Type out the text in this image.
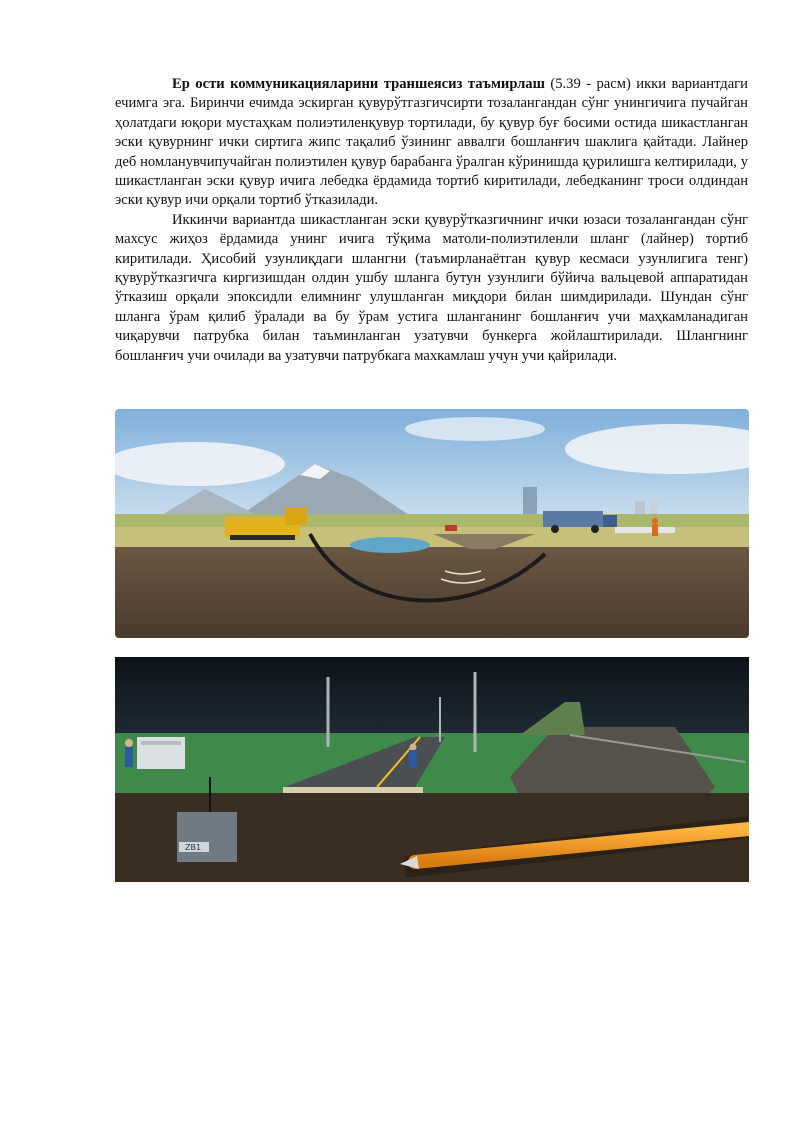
Ер ости коммуникацияларини траншеясиз таъмирлаш (5.39 - расм) икки вариантдаги ечимга эга. Биринчи ечимда эскирган қувурўтгазгичсирти тозалангандан сўнг унингичига пучайган ҳолатдаги юқори мустаҳкам полиэтиленқувур тортилади, бу қувур буғ босими остида шикастланган эски қувурнинг ички сиртига жипс тақалиб ўзининг аввалги бошланғич шаклига қайтади. Лайнер деб номланувчипучайган полиэтилен қувур барабанга ўралган кўринишда қурилишга келтирилади, у шикастланган эски қувур ичига лебедка ёрдамида тортиб киритилади, лебедканинг троси олдиндан эски қувур ичи орқали тортиб ўтказилади.

Иккинчи вариантда шикастланган эски қувурўтказгичнинг ички юзаси тозалангандан сўнг махсус жиҳоз ёрдамида унинг ичига тўқима матоли-полиэтиленли шланг (лайнер) тортиб киритилади. Ҳисобий узунлиқдаги шлангни (таъмирланаётган қувур кесмаси узунлигига тенг) қувурўтказгичга киргизишдан олдин ушбу шланга бутун узунлиги бўйича вальцевой аппаратидан ўтказиш орқали эпоксидли елимнинг улушланган миқдори билан шимдирилади. Шундан сўнг шланга ўрам қилиб ўралади ва бу ўрам устига шланганинг бошланғич учи маҳкамланадиган чиқарувчи патрубка билан таъминланган узатувчи бункерга жойлаштирилади. Шлангнинг бошланғич учи очилади ва узатувчи патрубкага махкамлаш учун учи қайрилади.

ZB1
